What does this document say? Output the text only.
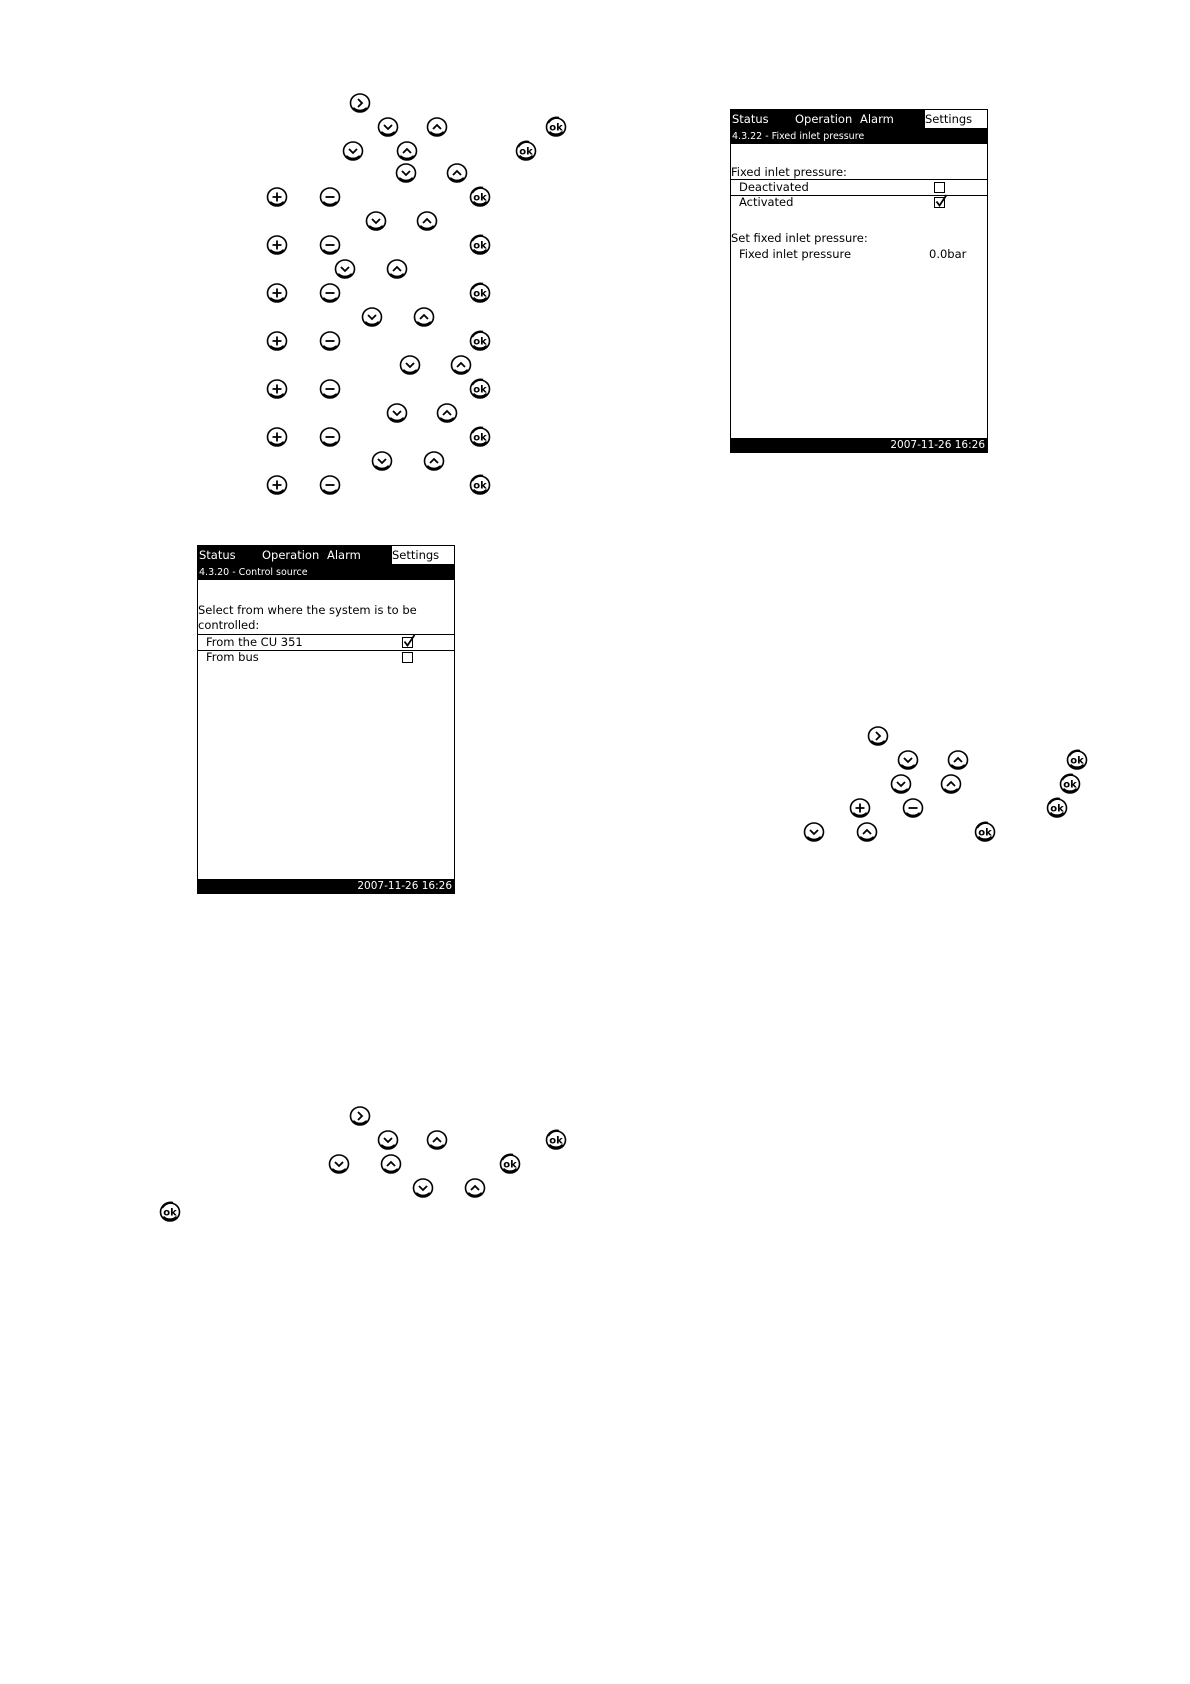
Status Operation Alarm	Settings
4.3.20 - Control source
Select from where the system is to be
controlled:
From the CU 351
From bus
2007-11-26 16:26
Status Operation Alarm	Settings
4.3.22 - Fixed inlet pressure
Fixed inlet pressure:
Deactivated
Activated
Set fixed inlet pressure:
Fixed inlet pressure	0.0bar
2007-11-26 16:26
